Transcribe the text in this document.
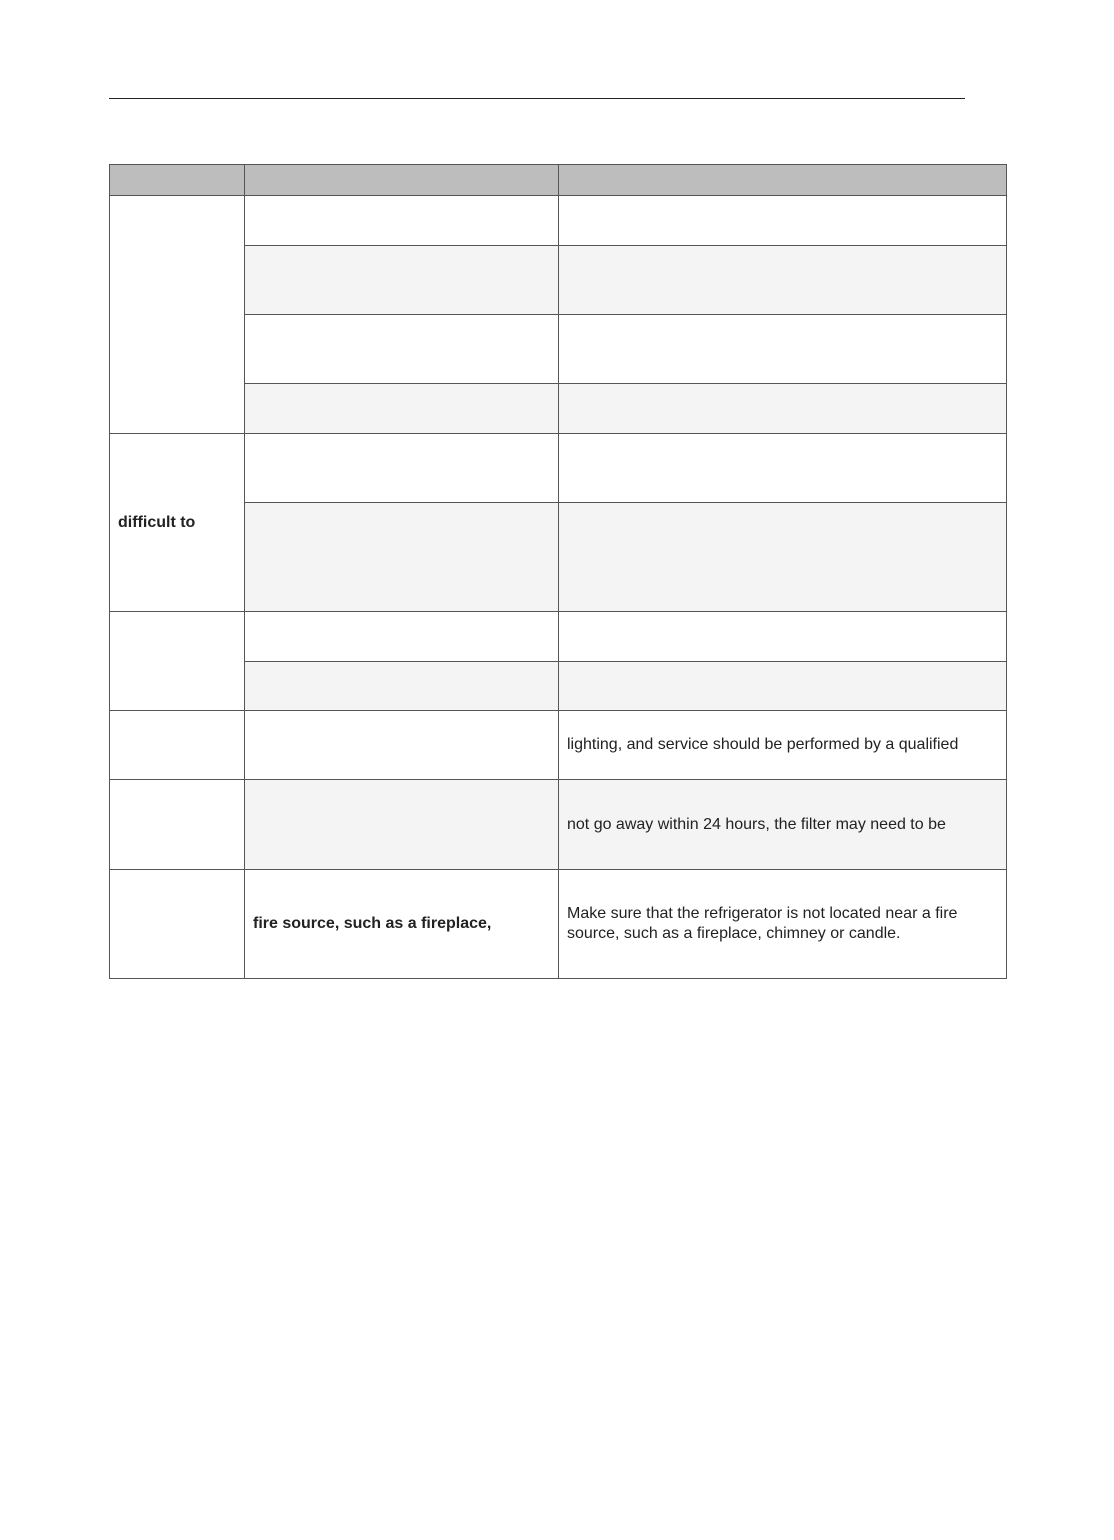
difficult to		

		lighting, and service should be performed by a qualified
		not go away within 24 hours, the filter may need to be
	fire source, such as a fireplace,	Make sure that the refrigerator is not located near a fire source, such as a fireplace, chimney or candle.
